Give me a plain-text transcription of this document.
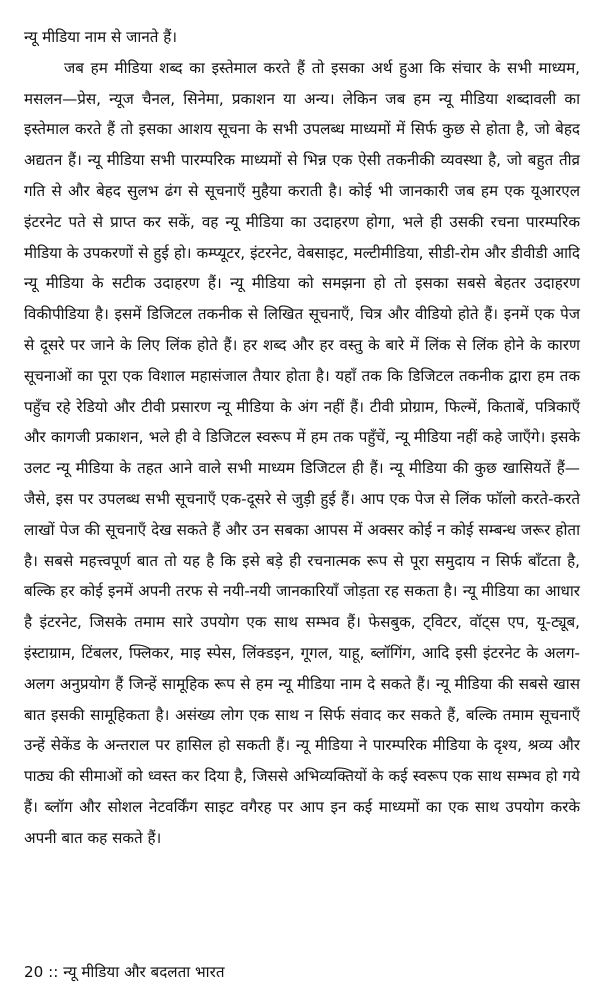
न्यू मीडिया नाम से जानते हैं।

जब हम मीडिया शब्द का इस्तेमाल करते हैं तो इसका अर्थ हुआ कि संचार के सभी माध्यम, मसलन—प्रेस, न्यूज चैनल, सिनेमा, प्रकाशन या अन्य। लेकिन जब हम न्यू मीडिया शब्दावली का इस्तेमाल करते हैं तो इसका आशय सूचना के सभी उपलब्ध माध्यमों में सिर्फ कुछ से होता है, जो बेहद अद्यतन हैं। न्यू मीडिया सभी पारम्परिक माध्यमों से भिन्न एक ऐसी तकनीकी व्यवस्था है, जो बहुत तीव्र गति से और बेहद सुलभ ढंग से सूचनाएँ मुहैया कराती है। कोई भी जानकारी जब हम एक यूआरएल इंटरनेट पते से प्राप्त कर सकें, वह न्यू मीडिया का उदाहरण होगा, भले ही उसकी रचना पारम्परिक मीडिया के उपकरणों से हुई हो। कम्प्यूटर, इंटरनेट, वेबसाइट, मल्टीमीडिया, सीडी-रोम और डीवीडी आदि न्यू मीडिया के सटीक उदाहरण हैं। न्यू मीडिया को समझना हो तो इसका सबसे बेहतर उदाहरण विकीपीडिया है। इसमें डिजिटल तकनीक से लिखित सूचनाएँ, चित्र और वीडियो होते हैं। इनमें एक पेज से दूसरे पर जाने के लिए लिंक होते हैं। हर शब्द और हर वस्तु के बारे में लिंक से लिंक होने के कारण सूचनाओं का पूरा एक विशाल महासंजाल तैयार होता है। यहाँ तक कि डिजिटल तकनीक द्वारा हम तक पहुँच रहे रेडियो और टीवी प्रसारण न्यू मीडिया के अंग नहीं हैं। टीवी प्रोग्राम, फिल्में, किताबें, पत्रिकाएँ और कागजी प्रकाशन, भले ही वे डिजिटल स्वरूप में हम तक पहुँचें, न्यू मीडिया नहीं कहे जाएँगे। इसके उलट न्यू मीडिया के तहत आने वाले सभी माध्यम डिजिटल ही हैं। न्यू मीडिया की कुछ खासियतें हैं—जैसे, इस पर उपलब्ध सभी सूचनाएँ एक-दूसरे से जुड़ी हुई हैं। आप एक पेज से लिंक फॉलो करते-करते लाखों पेज की सूचनाएँ देख सकते हैं और उन सबका आपस में अक्सर कोई न कोई सम्बन्ध जरूर होता है। सबसे महत्त्वपूर्ण बात तो यह है कि इसे बड़े ही रचनात्मक रूप से पूरा समुदाय न सिर्फ बाँटता है, बल्कि हर कोई इनमें अपनी तरफ से नयी-नयी जानकारियाँ जोड़ता रह सकता है। न्यू मीडिया का आधार है इंटरनेट, जिसके तमाम सारे उपयोग एक साथ सम्भव हैं। फेसबुक, ट्विटर, वॉट्स एप, यू-ट्यूब, इंस्टाग्राम, टिंबलर, फ्लिकर, माइ स्पेस, लिंक्डइन, गूगल, याहू, ब्लॉगिंग, आदि इसी इंटरनेट के अलग-अलग अनुप्रयोग हैं जिन्हें सामूहिक रूप से हम न्यू मीडिया नाम दे सकते हैं। न्यू मीडिया की सबसे खास बात इसकी सामूहिकता है। असंख्य लोग एक साथ न सिर्फ संवाद कर सकते हैं, बल्कि तमाम सूचनाएँ उन्हें सेकेंड के अन्तराल पर हासिल हो सकती हैं। न्यू मीडिया ने पारम्परिक मीडिया के दृश्य, श्रव्य और पाठ्य की सीमाओं को ध्वस्त कर दिया है, जिससे अभिव्यक्तियों के कई स्वरूप एक साथ सम्भव हो गये हैं। ब्लॉग और सोशल नेटवर्किंग साइट वगैरह पर आप इन कई माध्यमों का एक साथ उपयोग करके अपनी बात कह सकते हैं।

20 :: न्यू मीडिया और बदलता भारत
